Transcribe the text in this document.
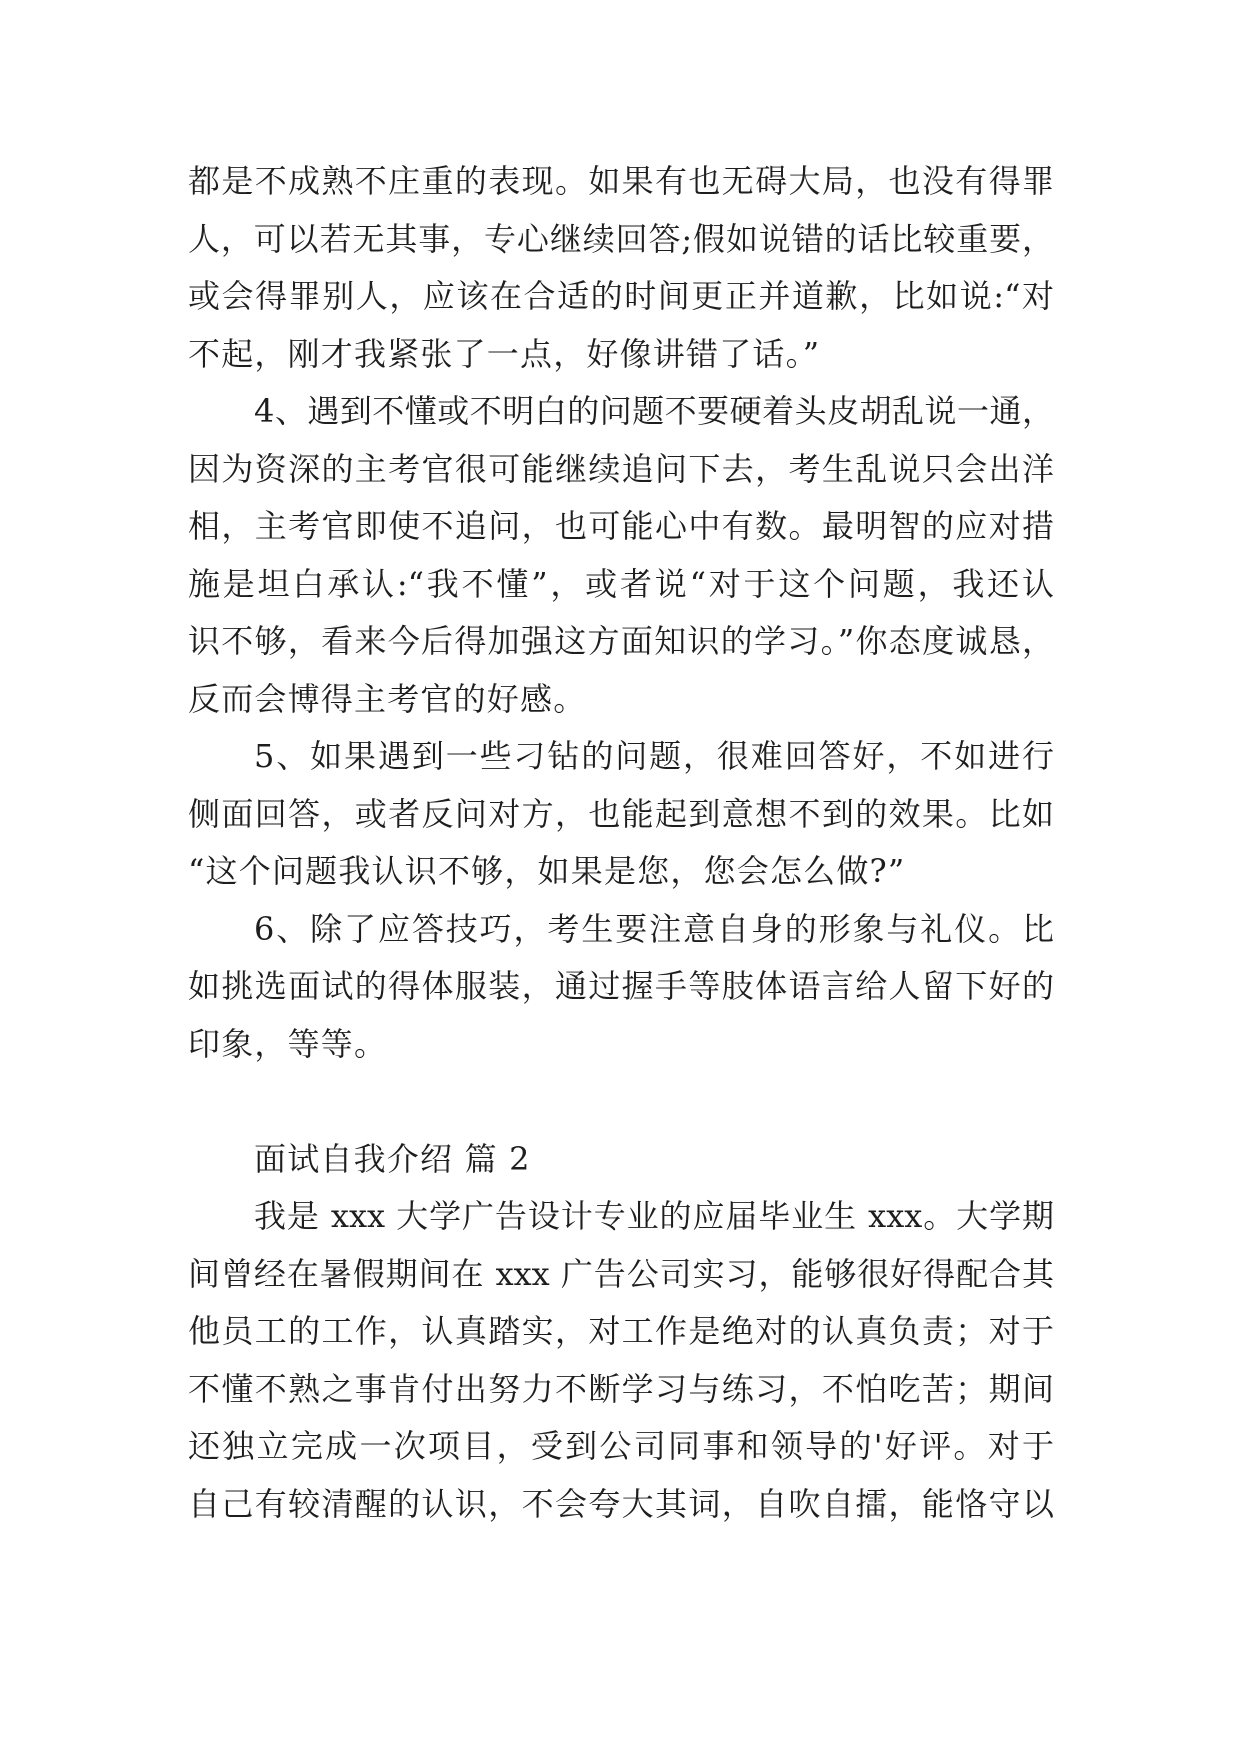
都是不成熟不庄重的表现。如果有也无碍大局，也没有得罪
人，可以若无其事，专心继续回答;假如说错的话比较重要，
或会得罪别人，应该在合适的时间更正并道歉，比如说:“对
不起，刚才我紧张了一点，好像讲错了话。”
4、遇到不懂或不明白的问题不要硬着头皮胡乱说一通，
因为资深的主考官很可能继续追问下去，考生乱说只会出洋
相，主考官即使不追问，也可能心中有数。最明智的应对措
施是坦白承认:“我不懂”，或者说“对于这个问题，我还认
识不够，看来今后得加强这方面知识的学习。”你态度诚恳，
反而会博得主考官的好感。
5、如果遇到一些刁钻的问题，很难回答好，不如进行
侧面回答，或者反问对方，也能起到意想不到的效果。比如
“这个问题我认识不够，如果是您，您会怎么做?”
6、除了应答技巧，考生要注意自身的形象与礼仪。比
如挑选面试的得体服装，通过握手等肢体语言给人留下好的
印象，等等。
面试自我介绍 篇 2
我是 xxx 大学广告设计专业的应届毕业生 xxx。大学期
间曾经在暑假期间在 xxx 广告公司实习，能够很好得配合其
他员工的工作，认真踏实，对工作是绝对的认真负责；对于
不懂不熟之事肯付出努力不断学习与练习，不怕吃苦；期间
还独立完成一次项目，受到公司同事和领导的'好评。对于
自己有较清醒的认识，不会夸大其词，自吹自擂，能恪守以
